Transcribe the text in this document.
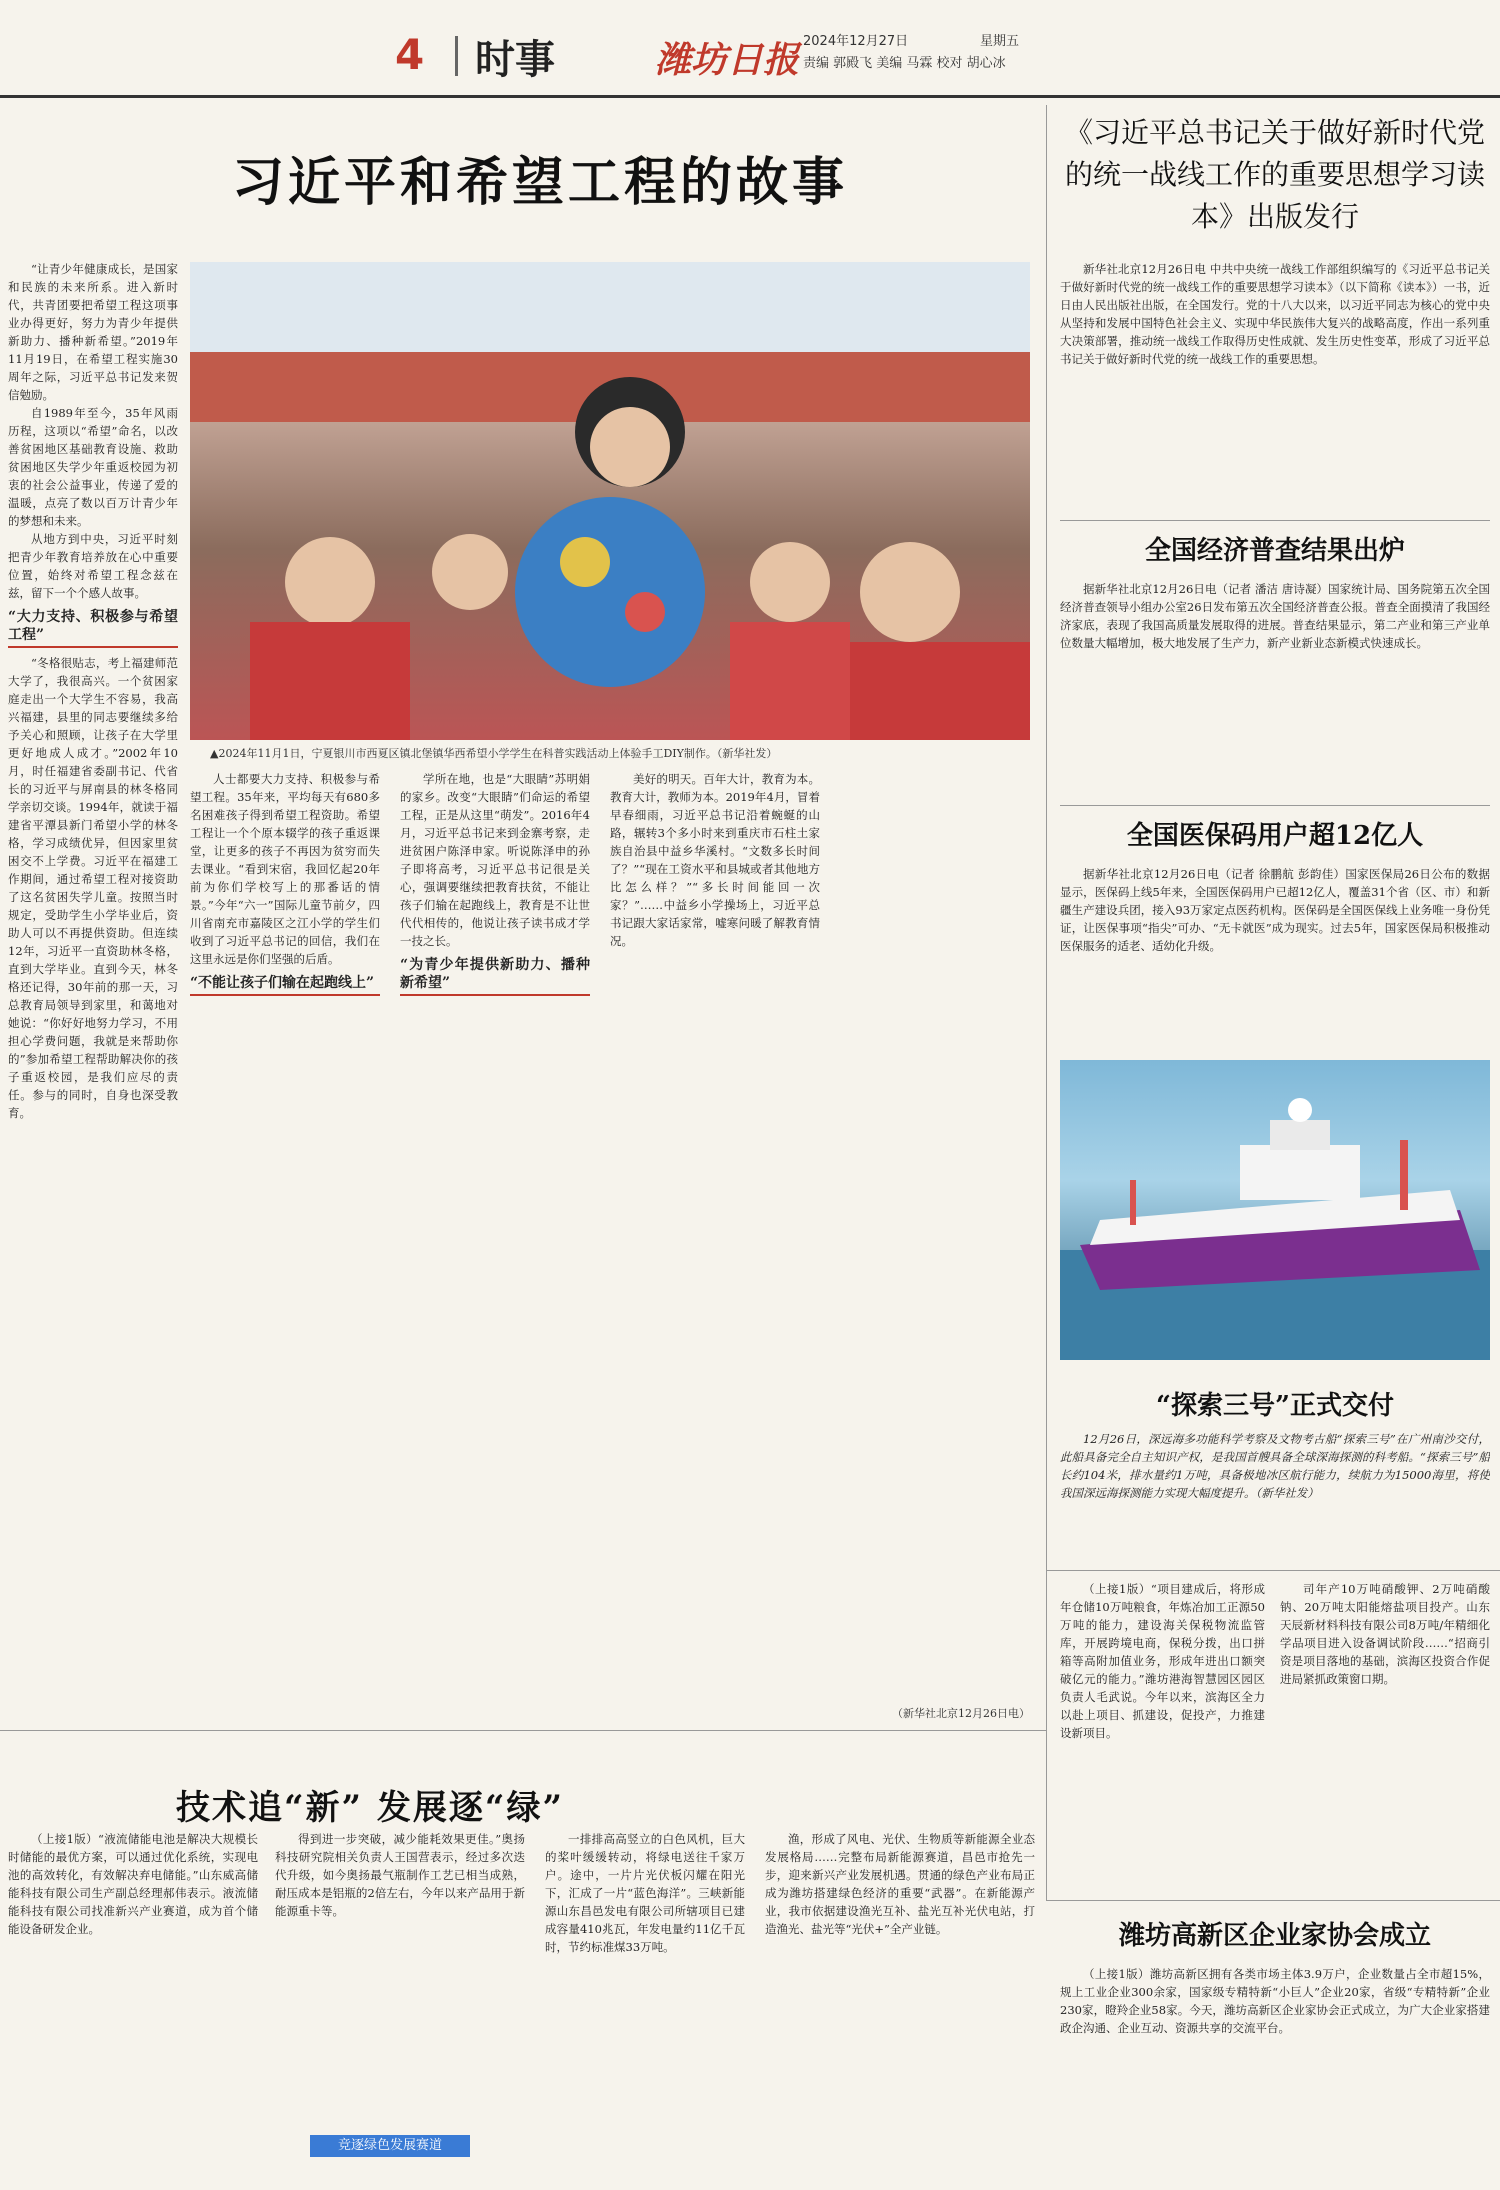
4 时事	潍坊日报 2024年12月27日	星期五
责编 郭殿飞 美编 马霖 校对 胡心冰
习近平和希望工程的故事

“让青少年健康成长，是国家和民族的未来所系。进入新时代，共青团要把希望工程这项事业办得更好，努力为青少年提供新助力、播种新希望。”2019年11月19日，在希望工程实施30周年之际，习近平总书记发来贺信勉励。

自1989年至今，35年风雨历程，这项以“希望”命名，以改善贫困地区基础教育设施、救助贫困地区失学少年重返校园为初衷的社会公益事业，传递了爱的温暖，点亮了数以百万计青少年的梦想和未来。

从地方到中央，习近平时刻把青少年教育培养放在心中重要位置，始终对希望工程念兹在兹，留下一个个感人故事。

“大力支持、积极参与希望工程”

“冬格很贴志，考上福建师范大学了，我很高兴。一个贫困家庭走出一个大学生不容易，我高兴福建，县里的同志要继续多给予关心和照顾，让孩子在大学里更好地成人成才。”2002年10月，时任福建省委副书记、代省长的习近平与屏南县的林冬格同学亲切交谈。1994年，就读于福建省平潭县新门希望小学的林冬格，学习成绩优异，但因家里贫困交不上学费。习近平在福建工作期间，通过希望工程对接资助了这名贫困失学儿童。按照当时规定，受助学生小学毕业后，资助人可以不再提供资助。但连续12年，习近平一直资助林冬格，直到大学毕业。直到今天，林冬格还记得，30年前的那一天，习总教育局领导到家里，和蔼地对她说：“你好好地努力学习，不用担心学费问题，我就是来帮助你的”参加希望工程帮助解决你的孩子重返校园，是我们应尽的责任。参与的同时，自身也深受教育。

▲2024年11月1日，宁夏银川市西夏区镇北堡镇华西希望小学学生在科普实践活动上体验手工DIY制作。（新华社发）

人士都要大力支持、积极参与希望工程。35年来，平均每天有680多名困难孩子得到希望工程资助。希望工程让一个个原本辍学的孩子重返课堂，让更多的孩子不再因为贫穷而失去课业。“看到宋宿，我回忆起20年前为你们学校写上的那番话的情景。”今年“六一”国际儿童节前夕，四川省南充市嘉陵区之江小学的学生们收到了习近平总书记的回信，我们在这里永远是你们坚强的后盾。

“不能让孩子们输在起跑线上”

学所在地，也是“大眼睛”苏明娟的家乡。改变“大眼睛”们命运的希望工程，正是从这里“萌发”。2016年4月，习近平总书记来到金寨考察，走进贫困户陈泽申家。听说陈泽申的孙子即将高考，习近平总书记很是关心，强调要继续把教育扶贫，不能让孩子们输在起跑线上，教育是不让世代代相传的，他说让孩子读书成才学一技之长。

“为青少年提供新助力、播种新希望”

美好的明天。百年大计，教育为本。教育大计，教师为本。2019年4月，冒着早春细雨，习近平总书记沿着蜿蜒的山路，辗转3个多小时来到重庆市石柱土家族自治县中益乡华溪村。“文数多长时间了？”“现在工资水平和县城或者其他地方比怎么样？”“多长时间能回一次家？”……中益乡小学操场上，习近平总书记跟大家话家常，嘘寒问暖了解教育情况。

（新华社北京12月26日电）
《习近平总书记关于做好新时代党的统一战线工作的重要思想学习读本》出版发行

新华社北京12月26日电 中共中央统一战线工作部组织编写的《习近平总书记关于做好新时代党的统一战线工作的重要思想学习读本》（以下简称《读本》）一书，近日由人民出版社出版，在全国发行。党的十八大以来，以习近平同志为核心的党中央从坚持和发展中国特色社会主义、实现中华民族伟大复兴的战略高度，作出一系列重大决策部署，推动统一战线工作取得历史性成就、发生历史性变革，形成了习近平总书记关于做好新时代党的统一战线工作的重要思想。

全国经济普查结果出炉

据新华社北京12月26日电（记者 潘洁 唐诗凝）国家统计局、国务院第五次全国经济普查领导小组办公室26日发布第五次全国经济普查公报。普查全面摸清了我国经济家底，表现了我国高质量发展取得的进展。普查结果显示，第二产业和第三产业单位数量大幅增加，极大地发展了生产力，新产业新业态新模式快速成长。

全国医保码用户超12亿人

据新华社北京12月26日电（记者 徐鹏航 彭韵佳）国家医保局26日公布的数据显示，医保码上线5年来，全国医保码用户已超12亿人，覆盖31个省（区、市）和新疆生产建设兵团，接入93万家定点医药机构。医保码是全国医保线上业务唯一身份凭证，让医保事项“指尖”可办、“无卡就医”成为现实。过去5年，国家医保局积极推动医保服务的适老、适幼化升级。

“探索三号”正式交付

12月26日，深远海多功能科学考察及文物考古船“探索三号”在广州南沙交付，此船具备完全自主知识产权，是我国首艘具备全球深海探测的科考船。“探索三号”船长约104米，排水量约1万吨，具备极地冰区航行能力，续航力为15000海里，将使我国深远海探测能力实现大幅度提升。（新华社发）

（上接1版）“项目建成后，将形成年仓储10万吨粮食，年炼冶加工正源50万吨的能力，建设海关保税物流监管库，开展跨境电商，保税分拨，出口拼箱等高附加值业务，形成年进出口额突破亿元的能力。”潍坊港海智慧园区园区负责人毛武说。今年以来，滨海区全力以赴上项目、抓建设，促投产，力推建设新项目。

司年产10万吨硝酸钾、2万吨硝酸钠、20万吨太阳能熔盐项目投产。山东天辰新材料科技有限公司8万吨/年精细化学品项目进入设备调试阶段……“招商引资是项目落地的基础，滨海区投资合作促进局紧抓政策窗口期。

技术追“新” 发展逐“绿”

（上接1版）“液流储能电池是解决大规模长时储能的最优方案，可以通过优化系统，实现电池的高效转化，有效解决弃电储能。”山东威高储能科技有限公司生产副总经理郝伟表示。液流储能科技有限公司找准新兴产业赛道，成为首个储能设备研发企业。

得到进一步突破，减少能耗效果更佳。”奥扬科技研究院相关负责人王国营表示，经过多次迭代升级，如今奥扬最气瓶制作工艺已相当成熟，耐压成本是铝瓶的2倍左右，今年以来产品用于新能源重卡等。

竞逐绿色发展赛道

一排排高高竖立的白色风机，巨大的桨叶缓缓转动，将绿电送往千家万户。途中，一片片光伏板闪耀在阳光下，汇成了一片“蓝色海洋”。三峡新能源山东昌邑发电有限公司所辖项目已建成容量410兆瓦，年发电量约11亿千瓦时，节约标准煤33万吨。

渔，形成了风电、光伏、生物质等新能源全业态发展格局……完整布局新能源赛道，昌邑市抢先一步，迎来新兴产业发展机遇。贯通的绿色产业布局正成为潍坊搭建绿色经济的重要“武器”。在新能源产业，我市依据建设渔光互补、盐光互补光伏电站，打造渔光、盐光等“光伏+”全产业链。	潍坊高新区企业家协会成立

（上接1版）潍坊高新区拥有各类市场主体3.9万户，企业数量占全市超15%，规上工业企业300余家，国家级专精特新“小巨人”企业20家，省级“专精特新”企业230家，瞪羚企业58家。今天，潍坊高新区企业家协会正式成立，为广大企业家搭建政企沟通、企业互动、资源共享的交流平台。
